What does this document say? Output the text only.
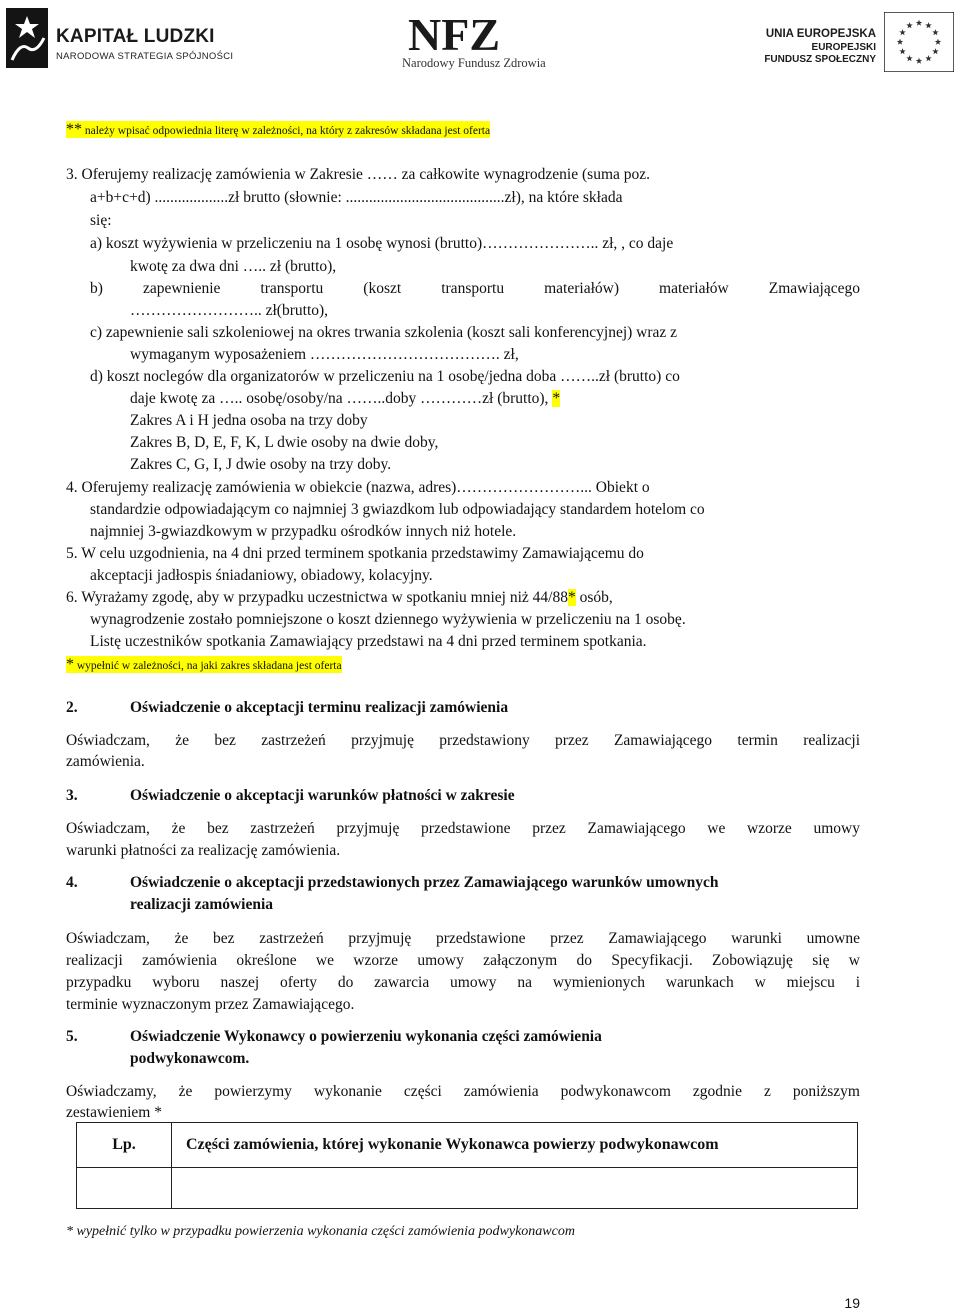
KAPITAŁ LUDZKI
NARODOWA STRATEGIA SPÓJNOŚCI	NFZ
Narodowy Fundusz Zdrowia
UNIA EUROPEJSKA
EUROPEJSKI
FUNDUSZ SPOŁECZNY
** należy wpisać odpowiednia literę w zależności, na który z zakresów składana jest oferta
3. Oferujemy realizację zamówienia w Zakresie …… za całkowite wynagrodzenie (suma poz.
a+b+c+d) ...................zł brutto (słownie: .........................................zł), na które składa
się:
a) koszt wyżywienia w przeliczeniu na 1 osobę wynosi (brutto)………………….. zł, , co daje
kwotę za dwa dni ….. zł (brutto),
b) zapewnienie transportu (koszt transportu materiałów) materiałów Zmawiającego
…………………….. zł(brutto),
c) zapewnienie sali szkoleniowej na okres trwania szkolenia (koszt sali konferencyjnej) wraz z
wymaganym wyposażeniem ………………………………. zł,
d) koszt noclegów dla organizatorów w przeliczeniu na 1 osobę/jedna doba ……..zł (brutto) co
daje kwotę za ….. osobę/osoby/na ……..doby …………zł (brutto), *
Zakres A i H jedna osoba na trzy doby
Zakres B, D, E, F, K, L dwie osoby na dwie doby,
Zakres C, G, I, J dwie osoby na trzy doby.
4. Oferujemy realizację zamówienia w obiekcie (nazwa, adres)……………………... Obiekt o
standardzie odpowiadającym co najmniej 3 gwiazdkom lub odpowiadający standardem hotelom co
najmniej 3-gwiazdkowym w przypadku ośrodków innych niż hotele.
5. W celu uzgodnienia, na 4 dni przed terminem spotkania przedstawimy Zamawiającemu do
akceptacji jadłospis śniadaniowy, obiadowy, kolacyjny.
6. Wyrażamy zgodę, aby w przypadku uczestnictwa w spotkaniu mniej niż 44/88* osób,
wynagrodzenie zostało pomniejszone o koszt dziennego wyżywienia w przeliczeniu na 1 osobę.
Listę uczestników spotkania Zamawiający przedstawi na 4 dni przed terminem spotkania.
* wypełnić w zależności, na jaki zakres składana jest oferta
2.	Oświadczenie o akceptacji terminu realizacji zamówienia
Oświadczam, że bez zastrzeżeń przyjmuję przedstawiony przez Zamawiającego termin realizacji
zamówienia.
3.	Oświadczenie o akceptacji warunków płatności w zakresie
Oświadczam, że bez zastrzeżeń przyjmuję przedstawione przez Zamawiającego we wzorze umowy
warunki płatności za realizację zamówienia.
4.	Oświadczenie o akceptacji przedstawionych przez Zamawiającego warunków umownych
realizacji zamówienia
Oświadczam, że bez zastrzeżeń przyjmuję przedstawione przez Zamawiającego warunki umowne
realizacji zamówienia określone we wzorze umowy załączonym do Specyfikacji. Zobowiązuję się w
przypadku wyboru naszej oferty do zawarcia umowy na wymienionych warunkach w miejscu i
terminie wyznaczonym przez Zamawiającego.
5.	Oświadczenie Wykonawcy o powierzeniu wykonania części zamówienia
podwykonawcom.
Oświadczamy, że powierzymy wykonanie części zamówienia podwykonawcom zgodnie z poniższym
zestawieniem *
Lp.	Części zamówienia, której wykonanie Wykonawca powierzy podwykonawcom

* wypełnić tylko w przypadku powierzenia wykonania części zamówienia podwykonawcom
19
